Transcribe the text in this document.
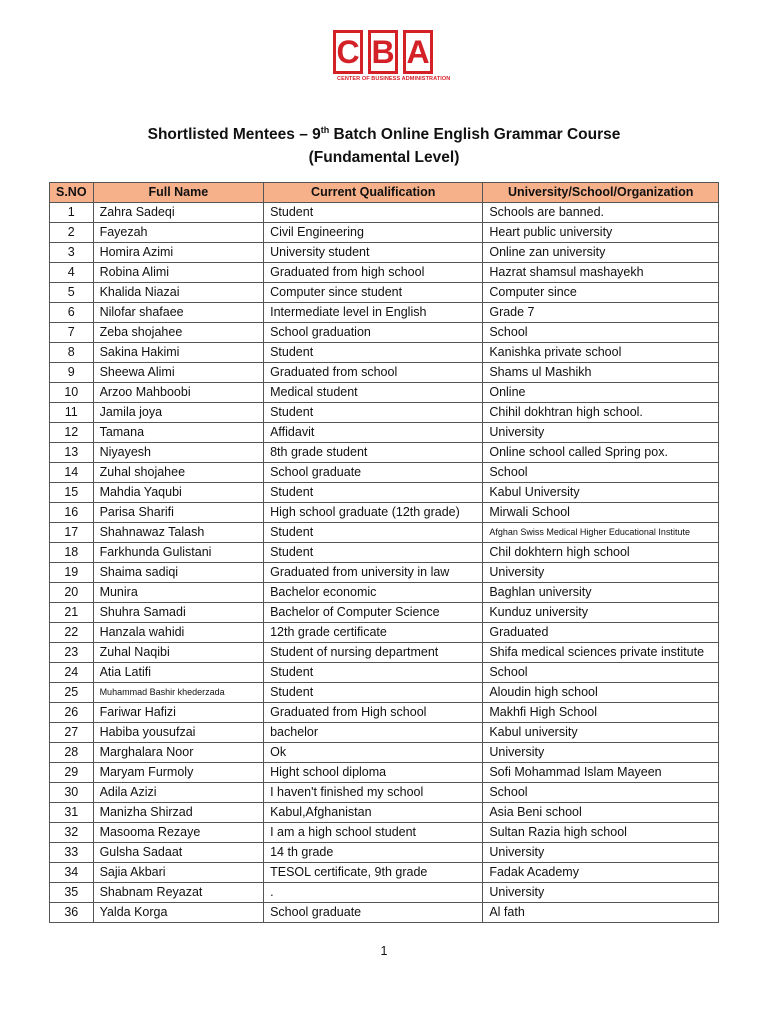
C B A
CENTER OF BUSINESS ADMINISTRATION
Shortlisted Mentees – 9th Batch Online English Grammar Course
(Fundamental Level)
S.NO	Full Name	Current Qualification	University/School/Organization
1	Zahra Sadeqi	Student	Schools are banned.
2	Fayezah	Civil Engineering	Heart public university
3	Homira Azimi	University student	Online zan university
4	Robina Alimi	Graduated from high school	Hazrat shamsul mashayekh
5	Khalida Niazai	Computer since student	Computer since
6	Nilofar shafaee	Intermediate level in English	Grade 7
7	Zeba shojahee	School graduation	School
8	Sakina Hakimi	Student	Kanishka private school
9	Sheewa Alimi	Graduated from school	Shams ul Mashikh
10	Arzoo Mahboobi	Medical student	Online
11	Jamila joya	Student	Chihil dokhtran high school.
12	Tamana	Affidavit	University
13	Niyayesh	8th grade student	Online school called Spring pox.
14	Zuhal shojahee	School graduate	School
15	Mahdia Yaqubi	Student	Kabul University
16	Parisa Sharifi	High school graduate (12th grade)	Mirwali School
17	Shahnawaz Talash	Student	Afghan Swiss Medical Higher Educational Institute
18	Farkhunda Gulistani	Student	Chil dokhtern high school
19	Shaima sadiqi	Graduated from university in law	University
20	Munira	Bachelor economic	Baghlan university
21	Shuhra Samadi	Bachelor of Computer Science	Kunduz university
22	Hanzala wahidi	12th grade certificate	Graduated
23	Zuhal Naqibi	Student of nursing department	Shifa medical sciences private institute
24	Atia Latifi	Student	School
25	Muhammad Bashir khederzada	Student	Aloudin high school
26	Fariwar Hafizi	Graduated from High school	Makhfi High School
27	Habiba yousufzai	bachelor	Kabul university
28	Marghalara Noor	Ok	University
29	Maryam Furmoly	Hight school diploma	Sofi Mohammad Islam Mayeen
30	Adila Azizi	I haven't finished my school	School
31	Manizha Shirzad	Kabul,Afghanistan	Asia Beni school
32	Masooma Rezaye	I am a high school student	Sultan Razia high school
33	Gulsha Sadaat	14 th grade	University
34	Sajia Akbari	TESOL certificate, 9th grade	Fadak Academy
35	Shabnam Reyazat	.	University
36	Yalda Korga	School graduate	Al fath
1
